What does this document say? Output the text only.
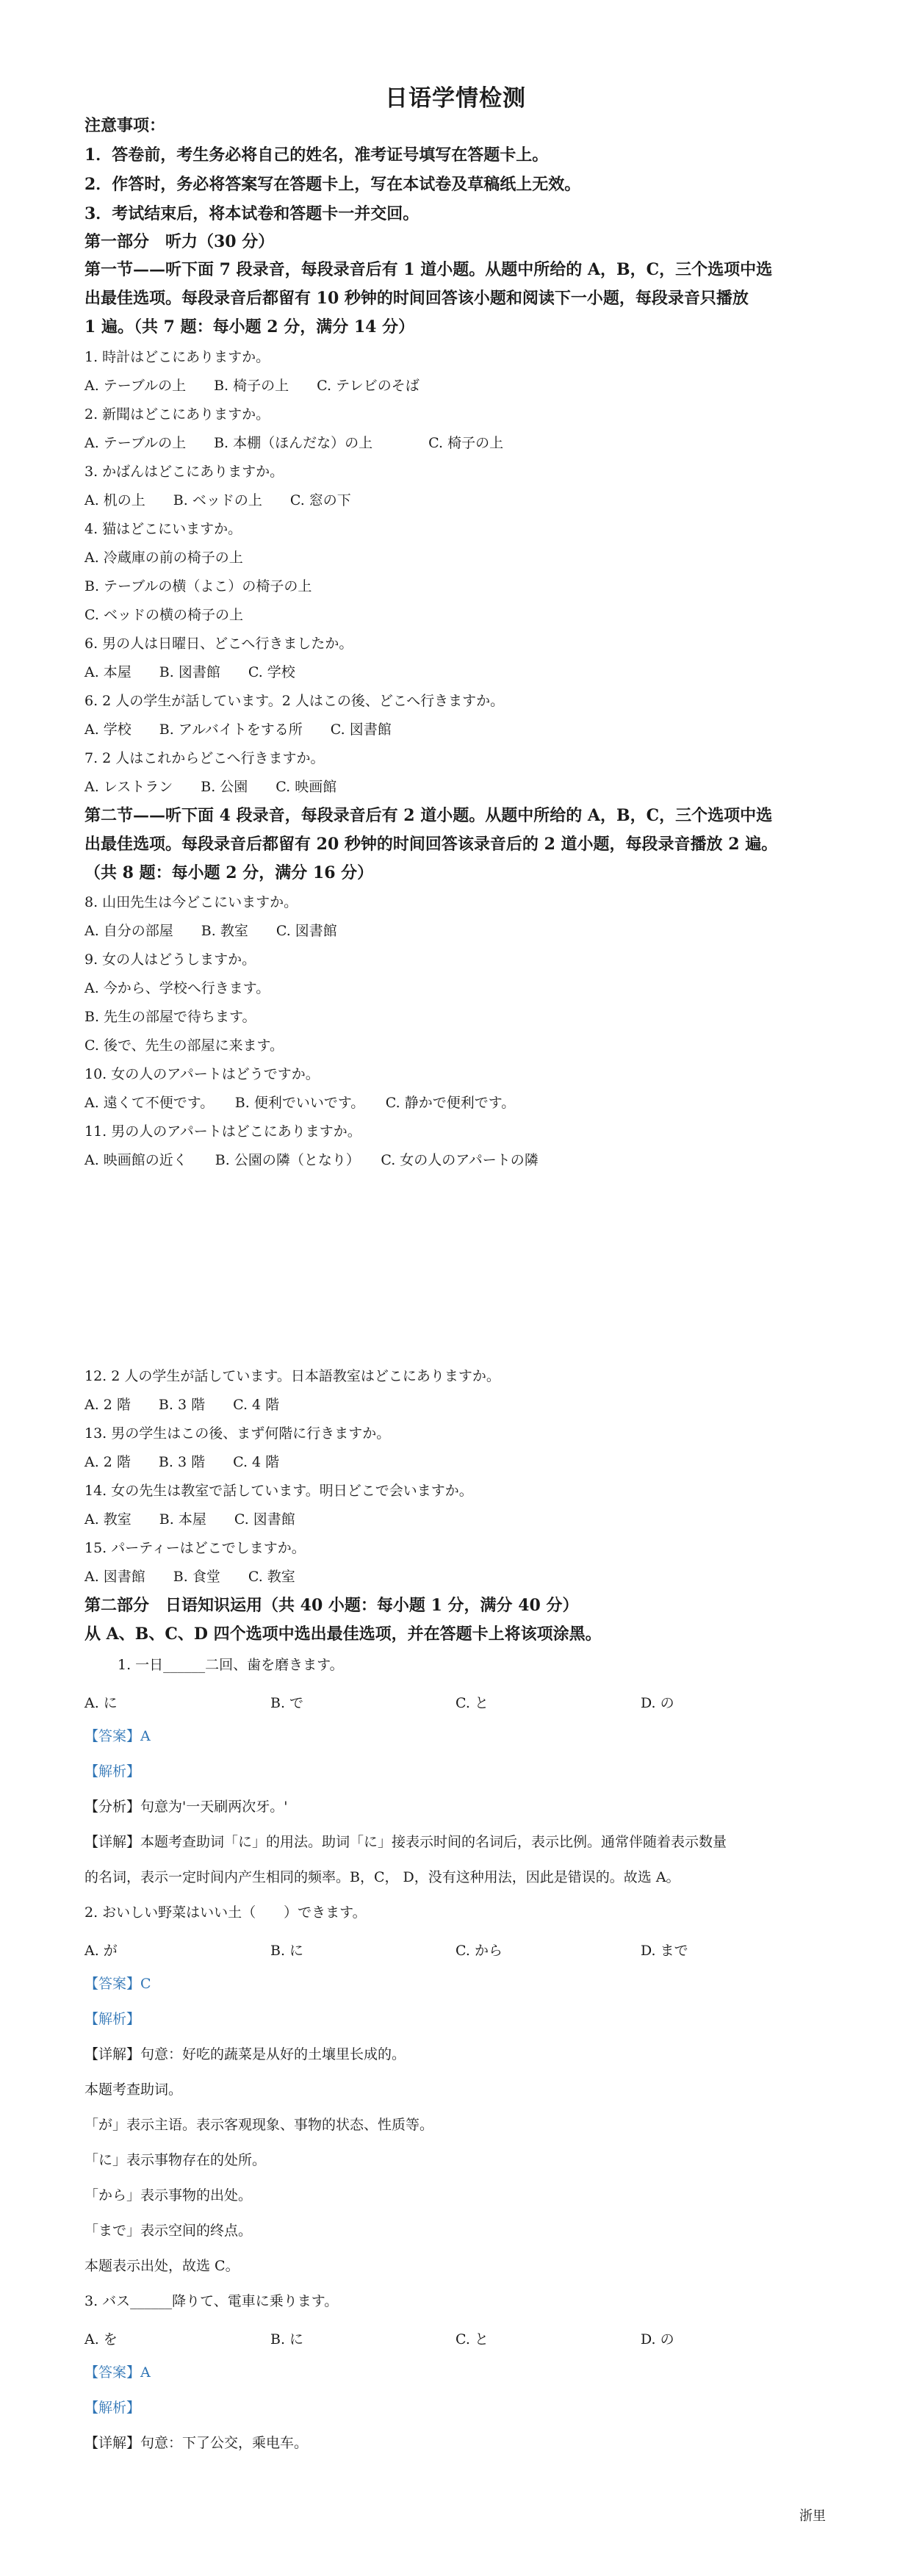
日语学情检测
注意事项：
1．答卷前，考生务必将自己的姓名，准考证号填写在答题卡上。
2．作答时，务必将答案写在答题卡上，写在本试卷及草稿纸上无效。
3．考试结束后，将本试卷和答题卡一并交回。
第一部分　听力（30 分）
第一节——听下面 7 段录音，每段录音后有 1 道小题。从题中所给的 A，B，C，三个选项中选
出最佳选项。每段录音后都留有 10 秒钟的时间回答该小题和阅读下一小题，每段录音只播放
1 遍。（共 7 题：每小题 2 分，满分 14 分）
1. 時計はどこにありますか。
A. テーブルの上　　B. 椅子の上　　C. テレビのそば
2. 新聞はどこにありますか。
A. テーブルの上　　B. 本棚（ほんだな）の上　　　　C. 椅子の上
3. かばんはどこにありますか。
A. 机の上　　B. ベッドの上　　C. 窓の下
4. 猫はどこにいますか。
A. 冷蔵庫の前の椅子の上
B. テーブルの横（よこ）の椅子の上
C. ベッドの横の椅子の上
6. 男の人は日曜日、どこへ行きましたか。
A. 本屋　　B. 図書館　　C. 学校
6. 2 人の学生が話しています。2 人はこの後、どこへ行きますか。
A. 学校　　B. アルバイトをする所　　C. 図書館
7. 2 人はこれからどこへ行きますか。
A. レストラン　　B. 公園　　C. 映画館
第二节——听下面 4 段录音，每段录音后有 2 道小题。从题中所给的 A，B，C，三个选项中选
出最佳选项。每段录音后都留有 20 秒钟的时间回答该录音后的 2 道小题，每段录音播放 2 遍。
（共 8 题：每小题 2 分，满分 16 分）
8. 山田先生は今どこにいますか。
A. 自分の部屋　　B. 教室　　C. 図書館
9. 女の人はどうしますか。
A. 今から、学校へ行きます。
B. 先生の部屋で待ちます。
C. 後で、先生の部屋に来ます。
10. 女の人のアパートはどうですか。
A. 遠くて不便です。　　B. 便利でいいです。　　C. 静かで便利です。
11. 男の人のアパートはどこにありますか。
A. 映画館の近く　　B. 公園の隣（となり）　　C. 女の人のアパートの隣
12. 2 人の学生が話しています。日本語教室はどこにありますか。
A. 2 階　　B. 3 階　　C. 4 階
13. 男の学生はこの後、まず何階に行きますか。
A. 2 階　　B. 3 階　　C. 4 階
14. 女の先生は教室で話しています。明日どこで会いますか。
A. 教室　　B. 本屋　　C. 図書館
15. パーティーはどこでしますか。
A. 図書館　　B. 食堂　　C. 教室
第二部分　日语知识运用（共 40 小题：每小题 1 分，满分 40 分）
从 A、B、C、D 四个选项中选出最佳选项，并在答题卡上将该项涂黑。
1. 一日______二回、歯を磨きます。
A. に	B. で	C. と	D. の
【答案】A
【解析】
【分析】句意为'一天刷两次牙。'
【详解】本题考查助词「に」的用法。助词「に」接表示时间的名词后，表示比例。通常伴随着表示数量
的名词，表示一定时间内产生相同的频率。B，C， D，没有这种用法，因此是错误的。故选 A。
2. おいしい野菜はいい土（　　）できます。
A. が	B. に	C. から	D. まで
【答案】C
【解析】
【详解】句意：好吃的蔬菜是从好的土壤里长成的。
本题考查助词。
「が」表示主语。表示客观现象、事物的状态、性质等。
「に」表示事物存在的处所。
「から」表示事物的出处。
「まで」表示空间的终点。
本题表示出处，故选 C。
3. バス______降りて、電車に乗ります。
A. を	B. に	C. と	D. の
【答案】A
【解析】
【详解】句意：下了公交，乘电车。
浙里
